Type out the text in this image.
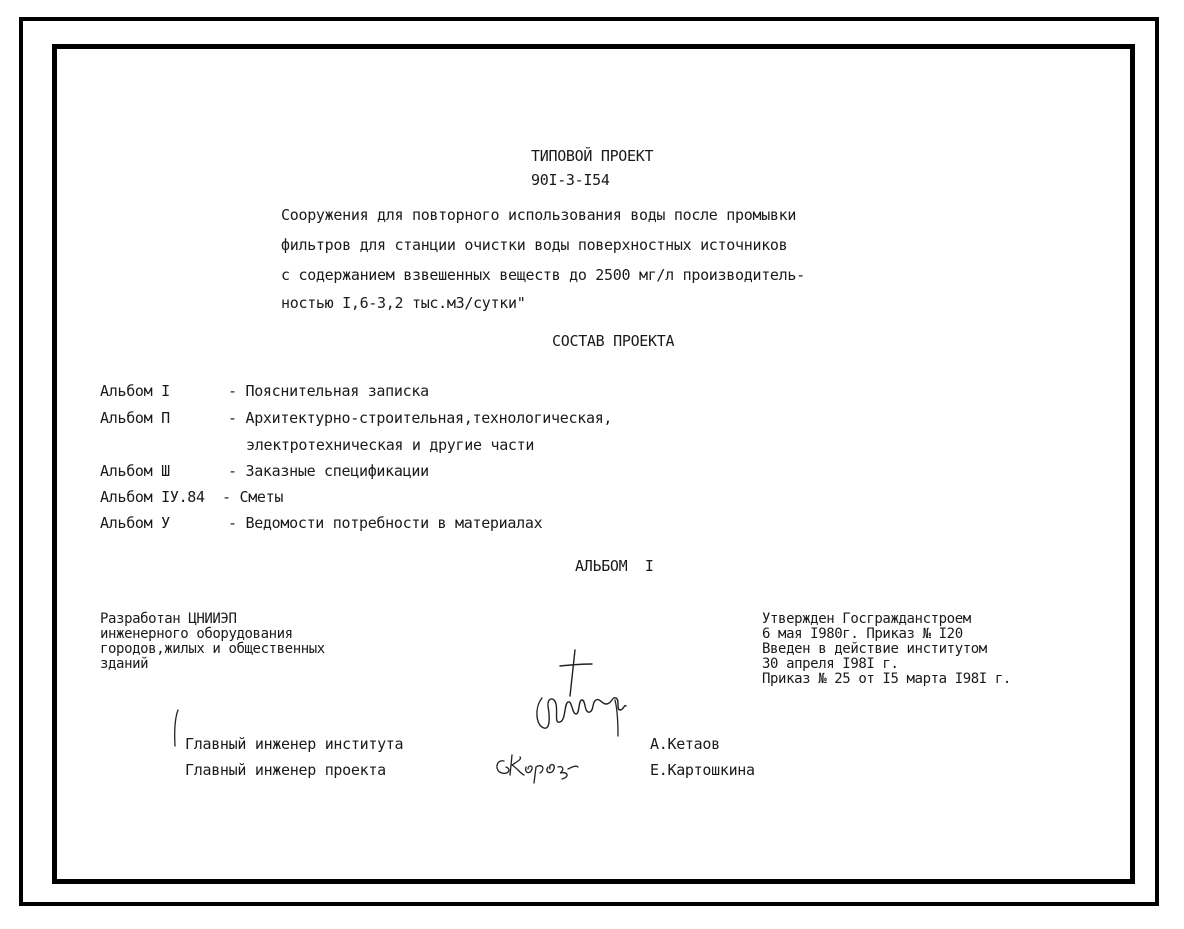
ТИПОВОЙ ПРОЕКТ
90I-3-I54
Сооружения для повторного использования воды после промывки
фильтров для станции очистки воды поверхностных источников
с содержанием взвешенных веществ до 2500 мг/л производитель-
ностью I,6-3,2 тыс.м3/сутки"
СОСТАВ ПРОЕКТА
Альбом I	- Пояснительная записка
Альбом П	- Архитектурно-строительная,технологическая,
электротехническая и другие части
Альбом Ш	- Заказные спецификации
Альбом IУ.84 - Сметы
Альбом У	- Ведомости потребности в материалах
АЛЬБОМ  I
Разработан ЦНИИЭП
инженерного оборудования
городов,жилых и общественных
зданий
Утвержден Госгражданстроем
6 мая I980г. Приказ № I20
Введен в действие институтом
30 апреля I98I г.
Приказ № 25 от I5 марта I98I г.
Главный инженер института	А.Кетаов
Главный инженер проекта	Е.Картошкина
